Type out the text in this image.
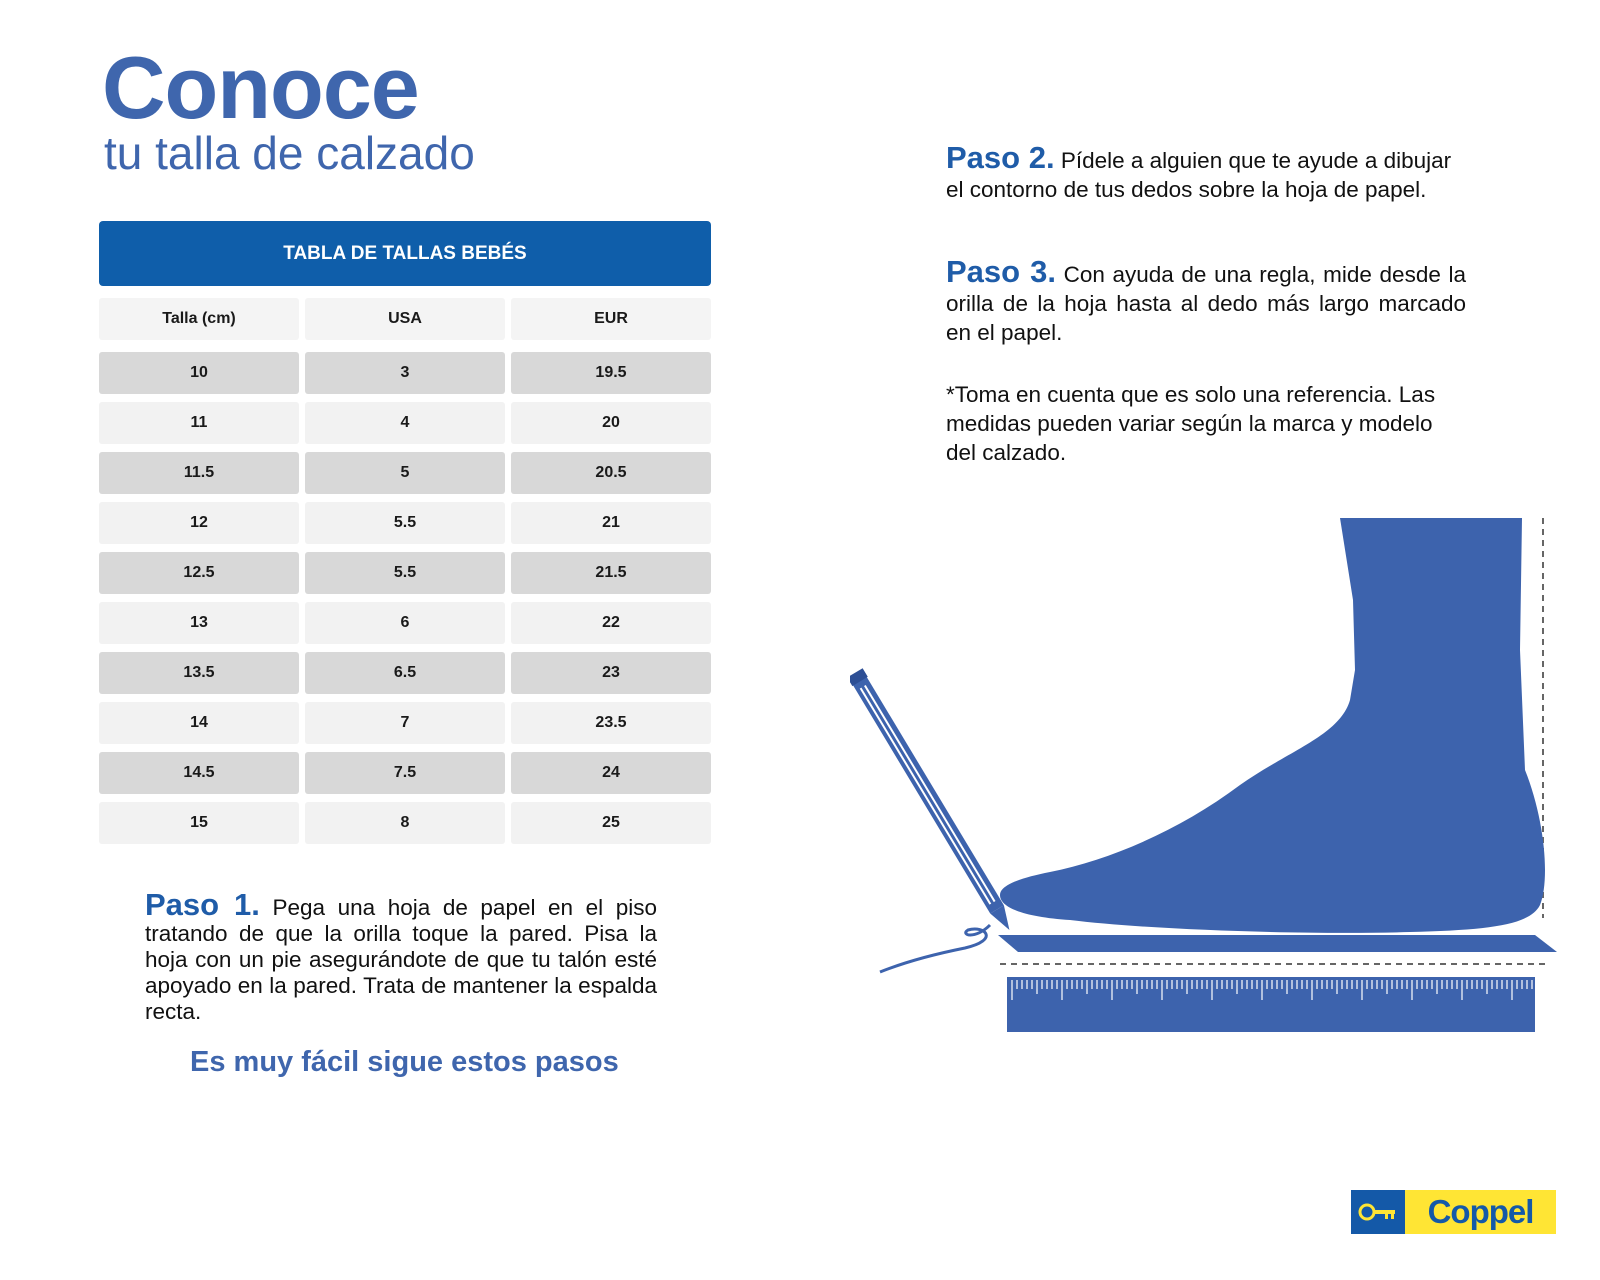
Conoce
tu talla de calzado
TABLA DE TALLAS BEBÉS
Talla (cm)	USA	EUR
10	3	19.5
11	4	20
11.5	5	20.5
12	5.5	21
12.5	5.5	21.5
13	6	22
13.5	6.5	23
14	7	23.5
14.5	7.5	24
15	8	25
Paso 1. Pega una hoja de papel en el piso tratando de que la orilla toque la pared. Pisa la hoja con un pie asegurándote de que tu talón esté apoyado en la pared. Trata de mantener la espalda recta.
Es muy fácil sigue estos pasos
Paso 2. Pídele a alguien que te ayude a dibujar el contorno de tus dedos sobre la hoja de papel.
Paso 3. Con ayuda de una regla, mide desde la orilla de la hoja hasta al dedo más largo marcado en el papel.
*Toma en cuenta que es solo una referencia. Las medidas pueden variar según la marca y modelo del calzado.
Coppel
